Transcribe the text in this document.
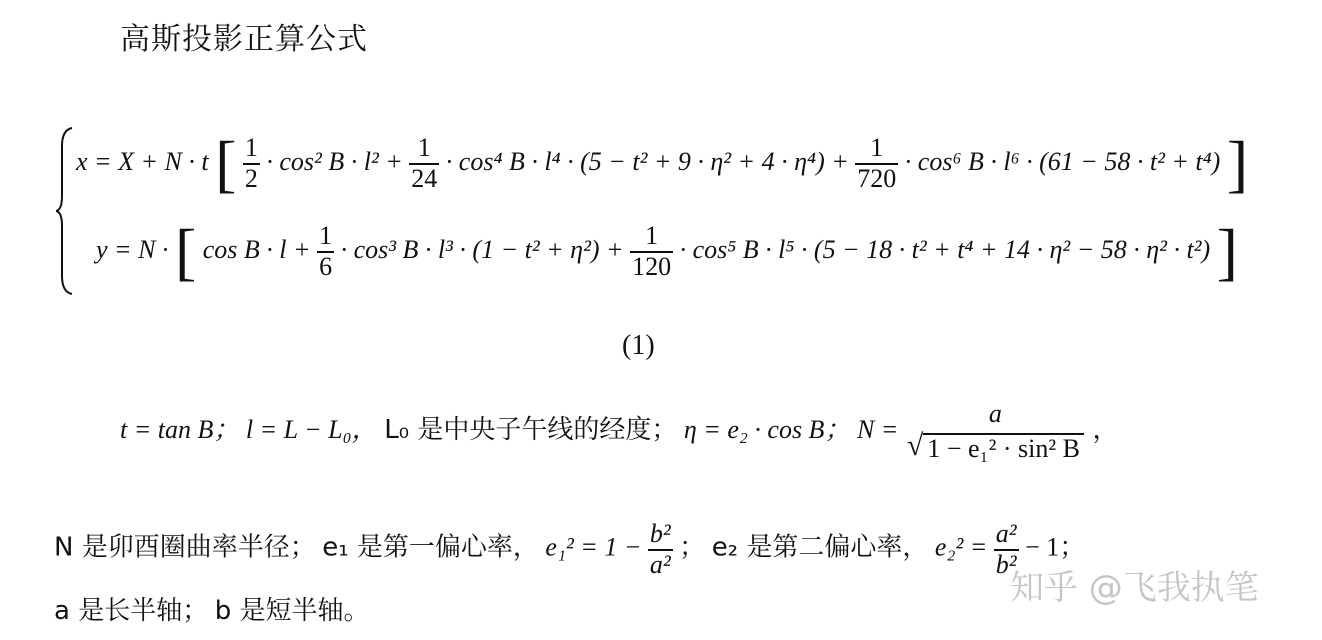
高斯投影正算公式
x = X + N · t [ $\frac{1}{2} \cdot \cos^2$ $B \cdot l^2 + \frac{1}{24} \cdot \cos^4$ $B \cdot l^4 \cdot (5 - t^2 + 9 \cdot \eta^2 + 4 \cdot \eta^4) + \frac{1}{720} \cdot \cos^6$ B · l⁶ · (61 − 58 · t² + t⁴) ]
y = N · [ $\cos B \cdot l + \frac{1}{6} \cdot \cos^3$ $B \cdot l^3 \cdot (1 - t^2 + \eta^2) + \frac{1}{120} \cdot \cos^5$ B · l⁵ · (5 − 18 · t² + t⁴ + 14 · η² − 58 · η² · t²) ]
(1)
t = tan B； l = L − L₀， L₀ 是中央子午线的经度； η = e₂ · cos B； N =
a
√ 1 − e₁² · sin² B
，
N 是卯酉圈曲率半径； e₁ 是第一偏心率， $e_1^2 = 1 - \frac{\text{b²}}{\text{a²}}$ ； e₂ 是第二偏心率， $e_2^2 = \frac{\text{a²}}{\text{b²}} - 1$；
a 是长半轴； b 是短半轴。
知乎 @飞我执笔
